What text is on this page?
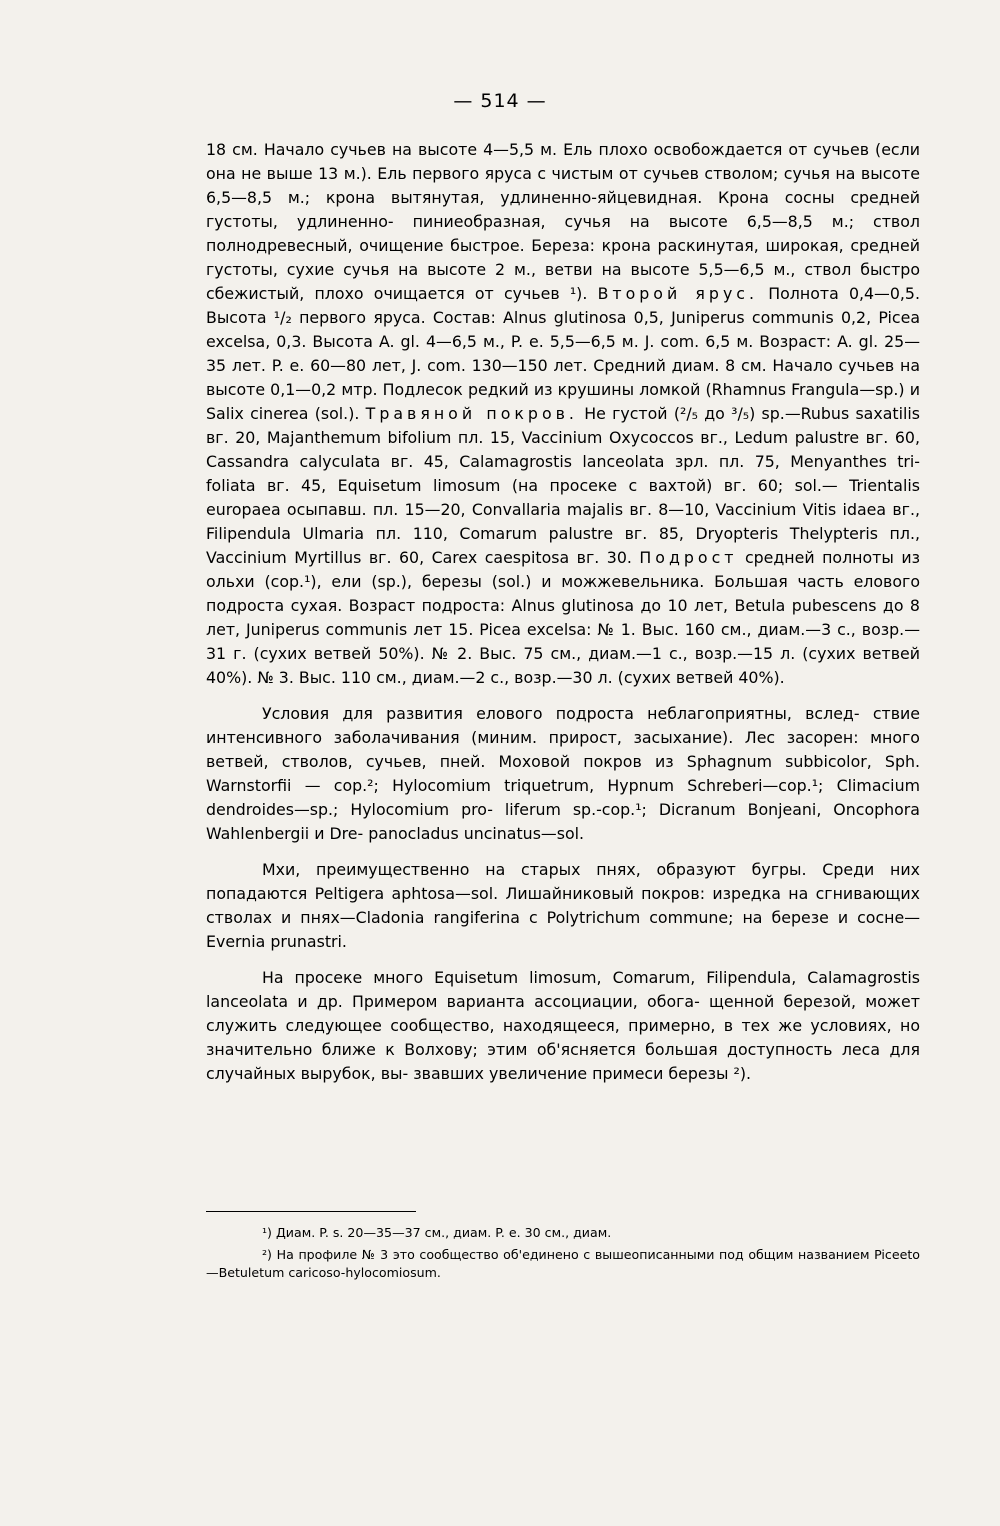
— 514 —

18 см. Начало сучьев на высоте 4—5,5 м. Ель плохо освобождается от сучьев (если она не выше 13 м.). Ель первого яруса с чистым от сучьев стволом; сучья на высоте 6,5—8,5 м.; крона вытянутая, удлиненно-яйцевидная. Крона сосны средней густоты, удлиненно- пиниеобразная, сучья на высоте 6,5—8,5 м.; ствол полнодревесный, очищение быстрое. Береза: крона раскинутая, широкая, средней густоты, сухие сучья на высоте 2 м., ветви на высоте 5,5—6,5 м., ствол быстро сбежистый, плохо очищается от сучьев ¹). Второй ярус. Полнота 0,4—0,5. Высота ¹/₂ первого яруса. Состав: Alnus glutinosa 0,5, Juniperus communis 0,2, Picea excelsa, 0,3. Высота A. gl. 4—6,5 м., P. e. 5,5—6,5 м. J. com. 6,5 м. Возраст: A. gl. 25—35 лет. P. e. 60—80 лет, J. com. 130—150 лет. Средний диам. 8 см. Начало сучьев на высоте 0,1—0,2 мтр. Подлесок редкий из крушины ломкой (Rhamnus Frangula—sp.) и Salix cinerea (sol.). Травяной покров. Не густой (²/₅ до ³/₅) sp.—Rubus saxatilis вг. 20, Majanthemum bifolium пл. 15, Vaccinium Oxycoccos вг., Ledum palustre вг. 60, Cassandra calyculata вг. 45, Calamagrostis lanceolata зрл. пл. 75, Menyanthes tri- foliata вг. 45, Equisetum limosum (на просеке с вахтой) вг. 60; sol.— Trientalis europaea осыпавш. пл. 15—20, Convallaria majalis вг. 8—10, Vaccinium Vitis idaea вг., Filipendula Ulmaria пл. 110, Comarum palustre вг. 85, Dryopteris Thelypteris пл., Vaccinium Myrtillus вг. 60, Carex caespitosa вг. 30. Подрост средней полноты из ольхи (cop.¹), ели (sp.), березы (sol.) и можжевельника. Большая часть елового подроста сухая. Возраст подроста: Alnus glutinosa до 10 лет, Betula pubescens до 8 лет, Juniperus communis лет 15. Picea excelsa: № 1. Выс. 160 см., диам.—3 с., возр.—31 г. (сухих ветвей 50%). № 2. Выс. 75 см., диам.—1 с., возр.—15 л. (сухих ветвей 40%). № 3. Выс. 110 см., диам.—2 с., возр.—30 л. (сухих ветвей 40%).

Условия для развития елового подроста неблагоприятны, вслед- ствие интенсивного заболачивания (миним. прирост, засыхание). Лес засорен: много ветвей, стволов, сучьев, пней. Моховой покров из Sphagnum subbicolor, Sph. Warnstorfii — cop.²; Hylocomium triquetrum, Hypnum Schreberi—cop.¹; Climacium dendroides—sp.; Hylocomium pro- liferum sp.-cop.¹; Dicranum Bonjeani, Oncophora Wahlenbergii и Dre- panocladus uncinatus—sol.

Мхи, преимущественно на старых пнях, образуют бугры. Среди них попадаются Peltigera aphtosa—sol. Лишайниковый покров: изредка на сгнивающих стволах и пнях—Cladonia rangiferina с Polytrichum commune; на березе и сосне—Evernia prunastri.

На просеке много Equisetum limosum, Comarum, Filipendula, Calamagrostis lanceolata и др. Примером варианта ассоциации, обога- щенной березой, может служить следующее сообщество, находящееся, примерно, в тех же условиях, но значительно ближе к Волхову; этим об'ясняется большая доступность леса для случайных вырубок, вы- звавших увеличение примеси березы ²).

¹) Диам. P. s. 20—35—37 см., диам. P. e. 30 см., диам.

²) На профиле № 3 это сообщество об'единено с вышеописанными под общим названием Piceeto—Betuletum caricoso-hylocomiosum.
